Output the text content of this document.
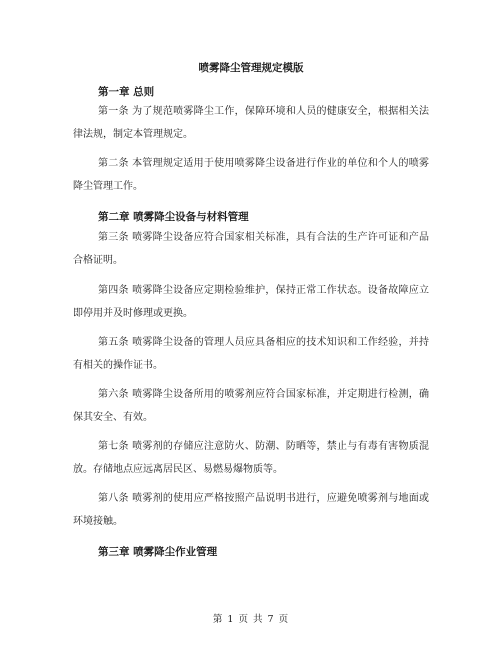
喷雾降尘管理规定模版
第一章 总则

第一条 为了规范喷雾降尘工作，保障环境和人员的健康安全，根据相关法律法规，制定本管理规定。

第二条 本管理规定适用于使用喷雾降尘设备进行作业的单位和个人的喷雾降尘管理工作。

第二章 喷雾降尘设备与材料管理

第三条 喷雾降尘设备应符合国家相关标准，具有合法的生产许可证和产品合格证明。

第四条 喷雾降尘设备应定期检验维护，保持正常工作状态。设备故障应立即停用并及时修理或更换。

第五条 喷雾降尘设备的管理人员应具备相应的技术知识和工作经验，并持有相关的操作证书。

第六条 喷雾降尘设备所用的喷雾剂应符合国家标准，并定期进行检测，确保其安全、有效。

第七条 喷雾剂的存储应注意防火、防潮、防晒等，禁止与有毒有害物质混放。存储地点应远离居民区、易燃易爆物质等。

第八条 喷雾剂的使用应严格按照产品说明书进行，应避免喷雾剂与地面或环境接触。

第三章 喷雾降尘作业管理
第 1 页 共 7 页
